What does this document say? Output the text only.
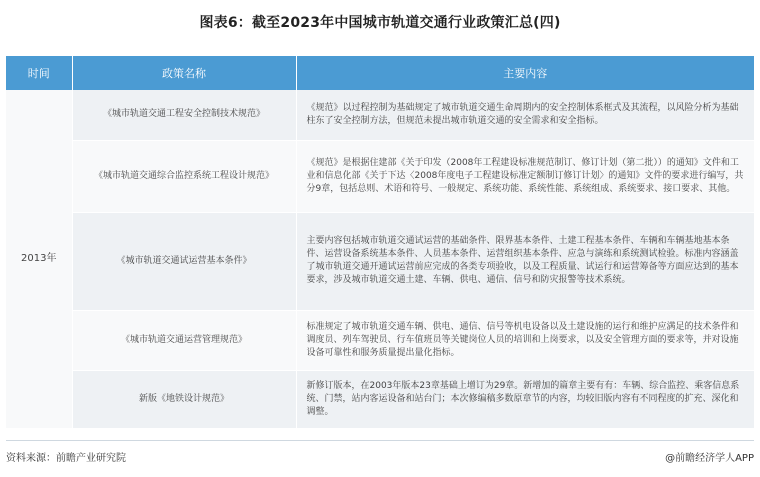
图表6：截至2023年中国城市轨道交通行业政策汇总(四)
时间	政策名称	主要内容
2013年	《城市轨道交通工程安全控制技术规范》	《规范》以过程控制为基础规定了城市轨道交通生命周期内的安全控制体系框式及其流程，以风险分析为基础柱东了安全控制方法，但规范未提出城市轨道交通的安全需求和安全指标。
	《城市轨道交通综合监控系统工程设计规范》	《规范》是根据住建部《关于印发（2008年工程建设标准规范制订、修订计划（第二批））的通知》文件和工业和信息化部《关于下达〈2008年度电子工程建设标准定额制订修订计划〉的通知》文件的要求进行编写，共分9章，包括总则、术语和符号、一般规定、系统功能、系统性能、系统组成、系统要求、接口要求、其他。
	《城市轨道交通试运营基本条件》	主要内容包括城市轨道交通试运营的基础条件、限界基本条件、土建工程基本条件、车辆和车辆基地基本条件、运营设备系统基本条件、人员基本条件、运营组织基本条件、应急与演练和系统测试检验。标准内容涵盖了城市轨道交通开通试运营前应完成的各类专项验收，以及工程质量、试运行和运营筹备等方面应达到的基本要求，涉及城市轨道交通土建、车辆、供电、通信、信号和防灾报警等技术系统。
	《城市轨道交通运营管理规范》	标准规定了城市轨道交通车辆、供电、通信、信号等机电设备以及土建设施的运行和维护应满足的技术条件和调度员、列车驾驶员、行车值班员等关键岗位人员的培训和上岗要求，以及安全管理方面的要求等，并对设施设备可靠性和服务质量提出量化指标。
	新版《地铁设计规范》	新修订版本，在2003年版本23章基础上增订为29章。新增加的篇章主要有有：车辆、综合监控、乘客信息系统、门禁，站内客运设备和站台门；本次修编稿多数原章节的内容，均较旧版内容有不同程度的扩充、深化和调整。
资料来源：前瞻产业研究院	@前瞻经济学人APP
